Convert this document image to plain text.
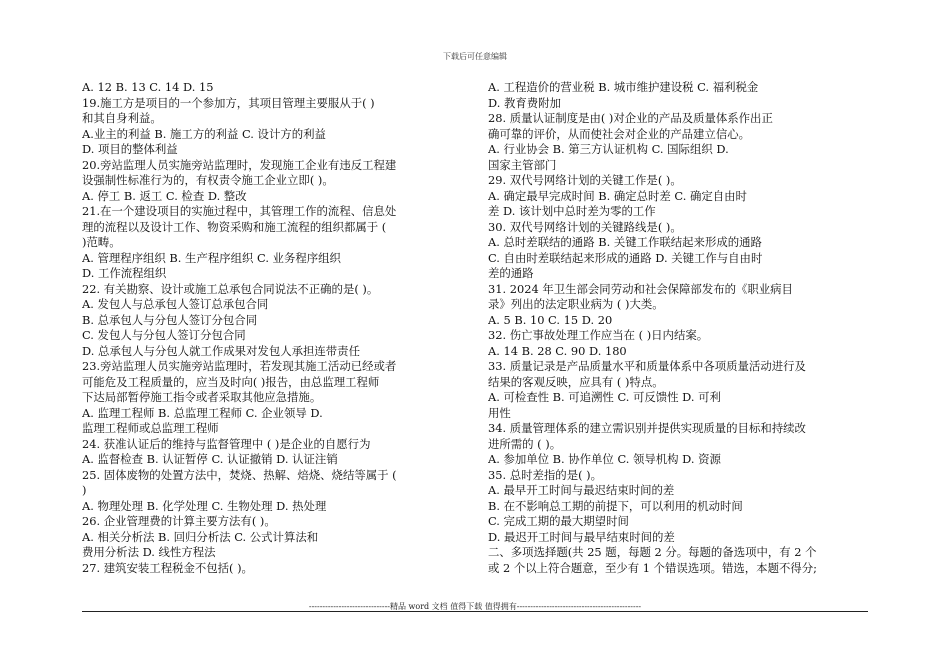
下载后可任意编辑
A. 12 B. 13 C. 14 D. 15
19.施工方是项目的一个参加方，其项目管理主要服从于( )
和其自身利益。
A.业主的利益 B. 施工方的利益 C. 设计方的利益
D. 项目的整体利益
20.旁站监理人员实施旁站监理时，发现施工企业有违反工程建
设强制性标准行为的，有权责令施工企业立即( )。
A. 停工 B. 返工 C. 检查 D. 整改
21.在一个建设项目的实施过程中，其管理工作的流程、信息处
理的流程以及设计工作、物资采购和施工流程的组织都属于 (
)范畴。
A. 管理程序组织 B. 生产程序组织 C. 业务程序组织
D. 工作流程组织
22. 有关勘察、设计或施工总承包合同说法不正确的是( )。
A. 发包人与总承包人签订总承包合同
B. 总承包人与分包人签订分包合同
C. 发包人与分包人签订分包合同
D. 总承包人与分包人就工作成果对发包人承担连带责任
23.旁站监理人员实施旁站监理时，若发现其施工活动已经或者
可能危及工程质量的，应当及时向( )报告，由总监理工程师
下达局部暂停施工指令或者采取其他应急措施。
A. 监理工程师 B. 总监理工程师 C. 企业领导 D.
监理工程师或总监理工程师
24. 获准认证后的维持与监督管理中 ( )是企业的自愿行为
A. 监督检查 B. 认证暂停 C. 认证撤销 D. 认证注销
25. 固体废物的处置方法中，焚烧、热解、焙烧、烧结等属于 (
)
A. 物理处理 B. 化学处理 C. 生物处理 D. 热处理
26. 企业管理费的计算主要方法有( )。
A. 相关分析法 B. 回归分析法 C. 公式计算法和
费用分析法 D. 线性方程法
27. 建筑安装工程税金不包括( )。
A. 工程造价的营业税 B. 城市维护建设税 C. 福利税金
D. 教育费附加
28. 质量认证制度是由( )对企业的产品及质量体系作出正
确可靠的评价，从而使社会对企业的产品建立信心。
A. 行业协会 B. 第三方认证机构 C. 国际组织 D.
国家主管部门
29. 双代号网络计划的关键工作是( )。
A. 确定最早完成时间 B. 确定总时差 C. 确定自由时
差 D. 该计划中总时差为零的工作
30. 双代号网络计划的关键路线是( )。
A. 总时差联结的通路 B. 关键工作联结起来形成的通路
C. 自由时差联结起来形成的通路 D. 关键工作与自由时
差的通路
31. 2024 年卫生部会同劳动和社会保障部发布的《职业病目
录》列出的法定职业病为 ( )大类。
A. 5 B. 10 C. 15 D. 20
32. 伤亡事故处理工作应当在 ( )日内结案。
A. 14 B. 28 C. 90 D. 180
33. 质量记录是产品质量水平和质量体系中各项质量活动进行及
结果的客观反映，应具有 ( )特点。
A. 可检查性 B. 可追溯性 C. 可反馈性 D. 可利
用性
34. 质量管理体系的建立需识别并提供实现质量的目标和持续改
进所需的 ( )。
A. 参加单位 B. 协作单位 C. 领导机构 D. 资源
35. 总时差指的是( )。
A. 最早开工时间与最迟结束时间的差
B. 在不影响总工期的前提下，可以利用的机动时间
C. 完成工期的最大期望时间
D. 最迟开工时间与最早结束时间的差
二、多项选择题(共 25 题，每题 2 分。每题的备选项中，有 2 个
或 2 个以上符合题意，至少有 1 个错误选项。错选，本题不得分;
------------------------------精品 word 文档 值得下载 值得拥有----------------------------------------------
